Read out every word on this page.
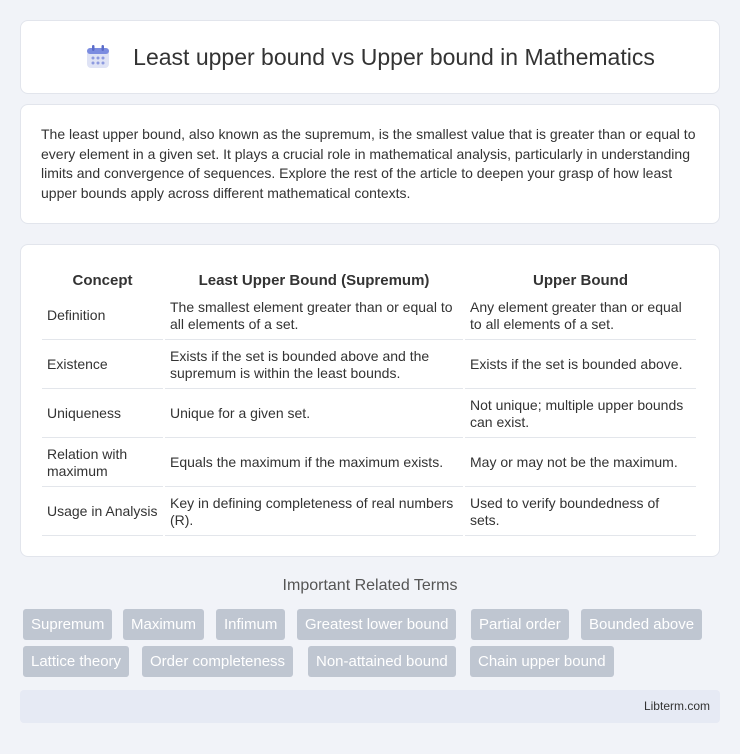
Least upper bound vs Upper bound in Mathematics

The least upper bound, also known as the supremum, is the smallest value that is greater than or equal to every element in a given set. It plays a crucial role in mathematical analysis, particularly in understanding limits and convergence of sequences. Explore the rest of the article to deepen your grasp of how least upper bounds apply across different mathematical contexts.

Concept	Least Upper Bound (Supremum)	Upper Bound
Definition	The smallest element greater than or equal to all elements of a set.	Any element greater than or equal to all elements of a set.
Existence	Exists if the set is bounded above and the supremum is within the least bounds.	Exists if the set is bounded above.
Uniqueness	Unique for a given set.	Not unique; multiple upper bounds can exist.
Relation with maximum	Equals the maximum if the maximum exists.	May or may not be the maximum.
Usage in Analysis	Key in defining completeness of real numbers (R).	Used to verify boundedness of sets.
Important Related Terms
Supremum	Maximum	Infimum	Greatest lower bound	Partial order	Bounded above
Lattice theory	Order completeness	Non-attained bound	Chain upper bound
Libterm.com
